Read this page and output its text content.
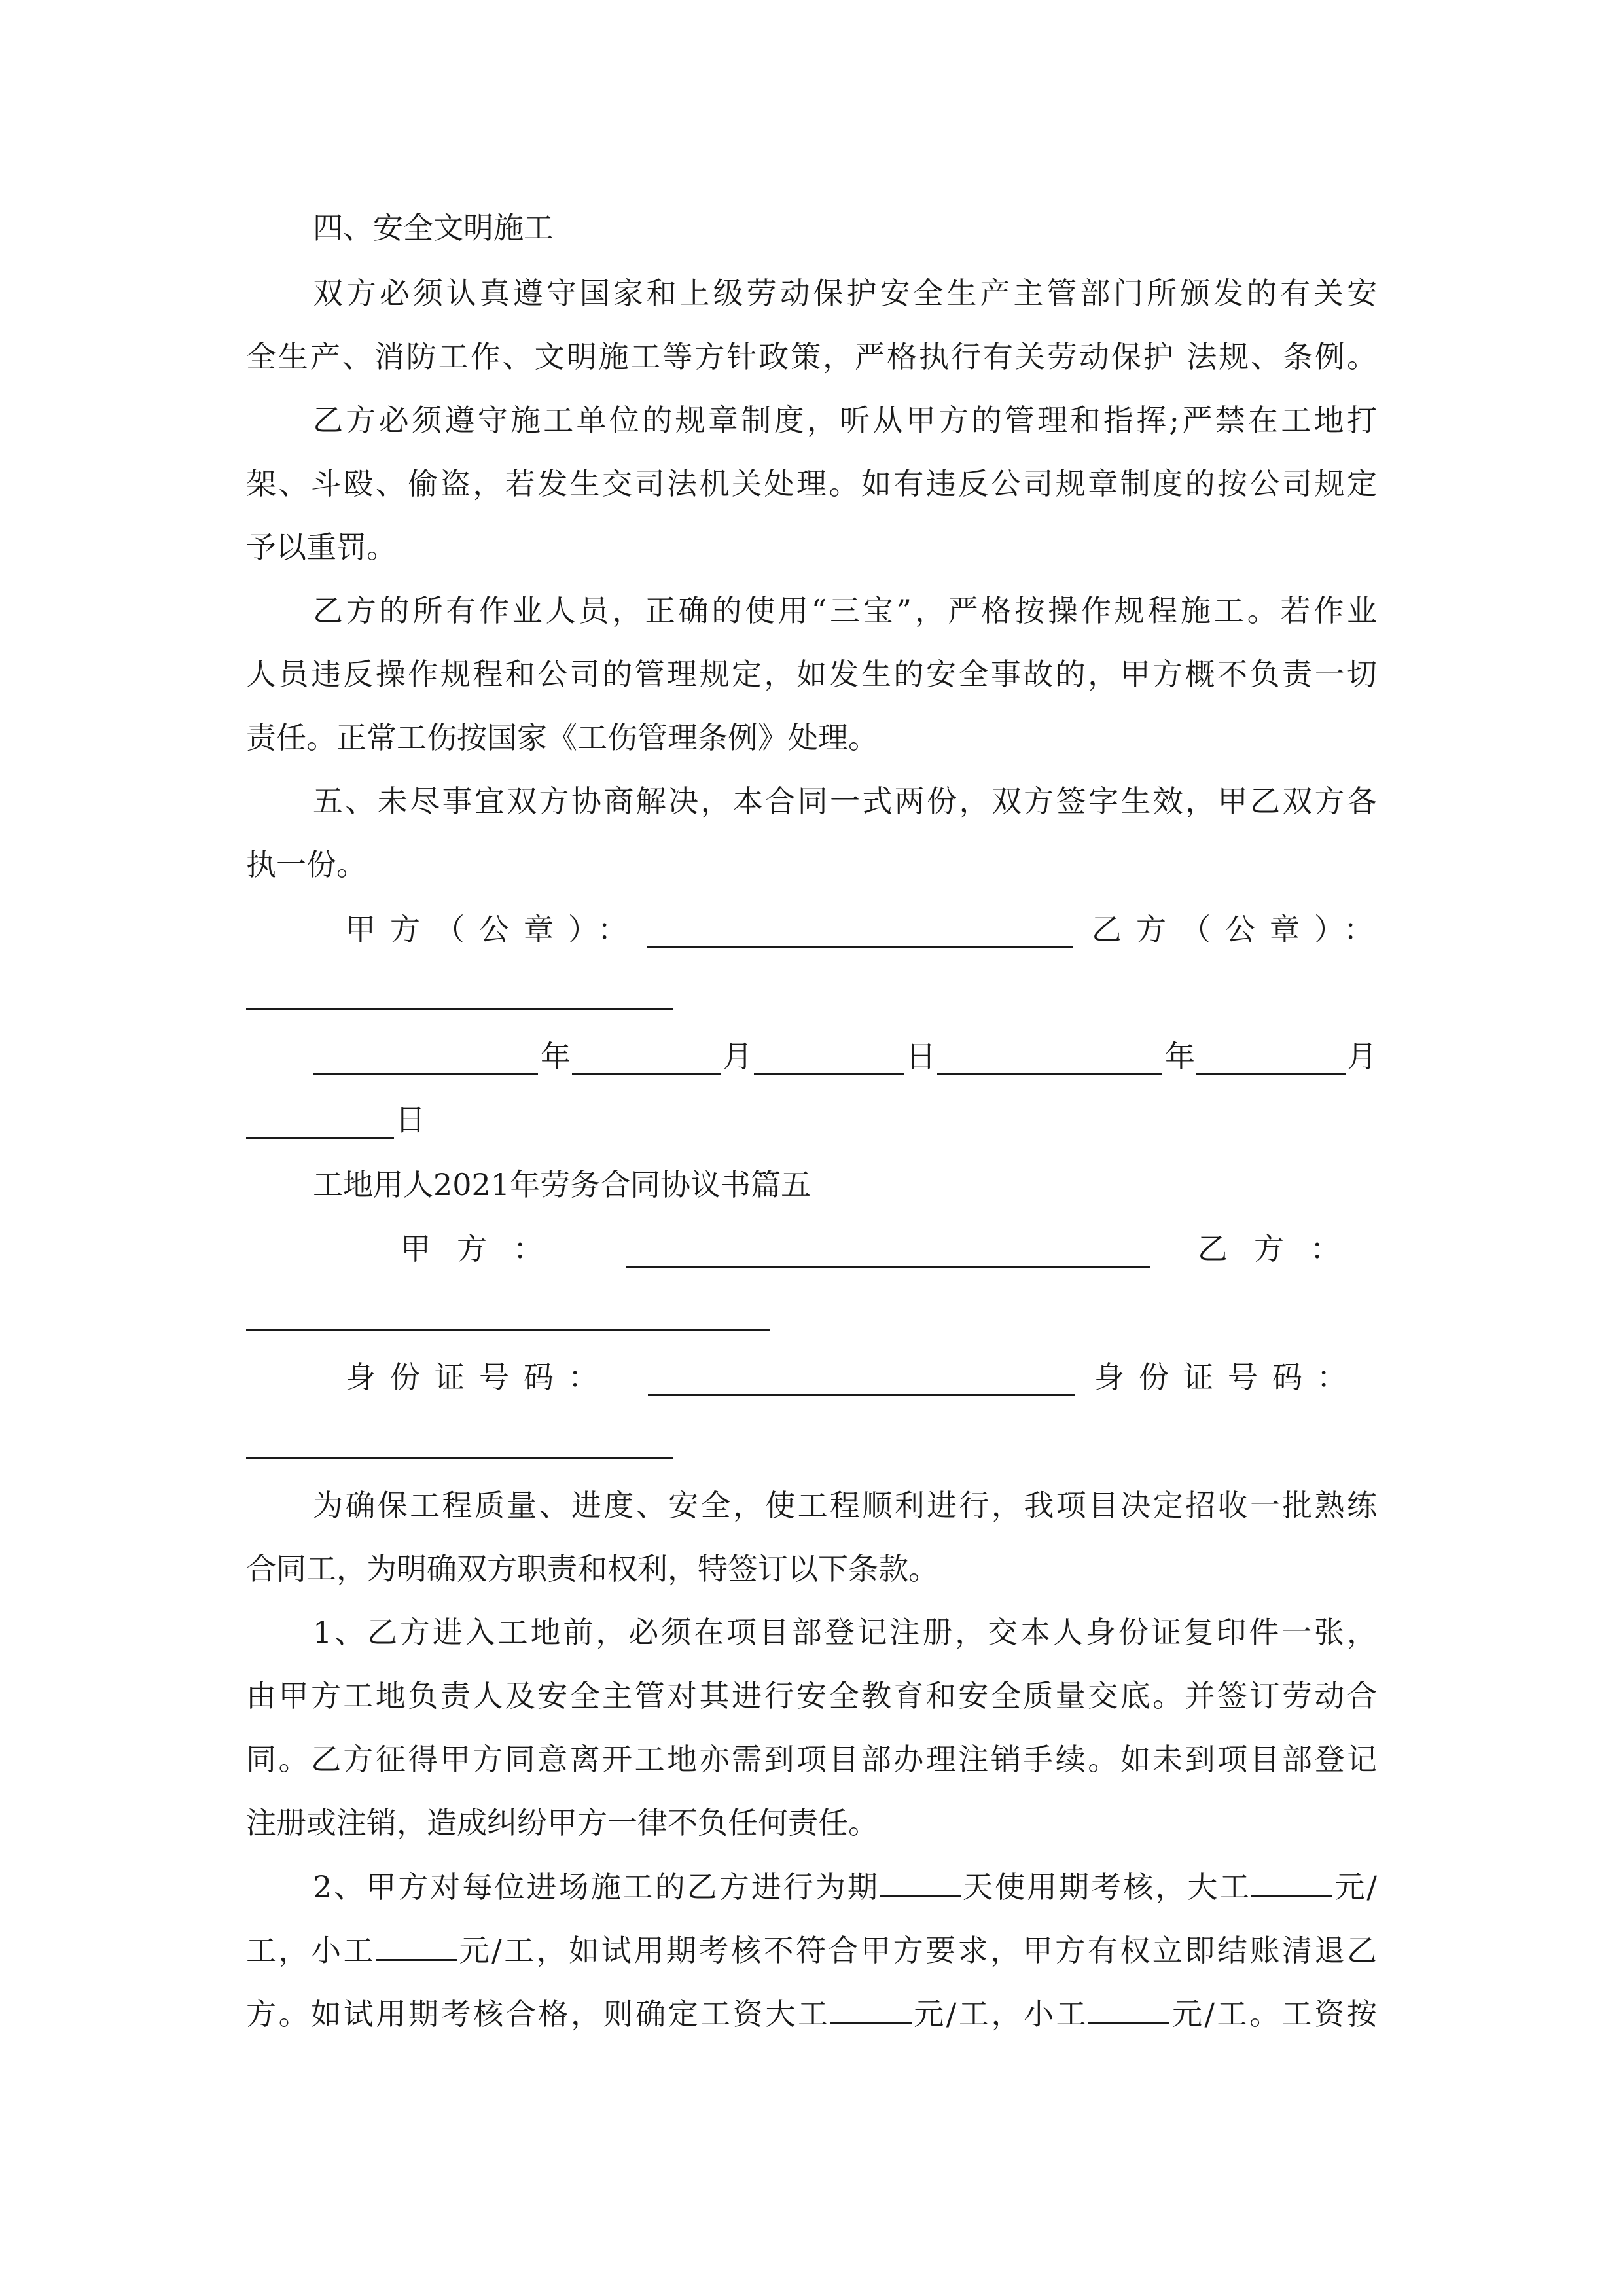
四、安全文明施工
双方必须认真遵守国家和上级劳动保护安全生产主管部门所颁发的有关安
全生产、消防工作、文明施工等方针政策，严格执行有关劳动保护 法规、条例。
乙方必须遵守施工单位的规章制度，听从甲方的管理和指挥;严禁在工地打
架、斗殴、偷盗，若发生交司法机关处理。如有违反公司规章制度的按公司规定
予以重罚。
乙方的所有作业人员，正确的使用“三宝”，严格按操作规程施工。若作业
人员违反操作规程和公司的管理规定，如发生的安全事故的，甲方概不负责一切
责任。正常工伤按国家《工伤管理条例》处理。
五、未尽事宜双方协商解决，本合同一式两份，双方签字生效，甲乙双方各
执一份。
甲方（公章）：	乙方（公章）：
年	月	日	年	月
日
工地用人2021年劳务合同协议书篇五
甲方：	乙方：
身份证号码：	身份证号码：
为确保工程质量、进度、安全，使工程顺利进行，我项目决定招收一批熟练
合同工，为明确双方职责和权利，特签订以下条款。
1、乙方进入工地前，必须在项目部登记注册，交本人身份证复印件一张，
由甲方工地负责人及安全主管对其进行安全教育和安全质量交底。并签订劳动合
同。乙方征得甲方同意离开工地亦需到项目部办理注销手续。如未到项目部登记
注册或注销，造成纠纷甲方一律不负任何责任。
2、甲方对每位进场施工的乙方进行为期	天使用期考核，大工	元/
工，小工	元/工，如试用期考核不符合甲方要求，甲方有权立即结账清退乙
方。如试用期考核合格，则确定工资大工	元/工，小工	元/工。工资按
